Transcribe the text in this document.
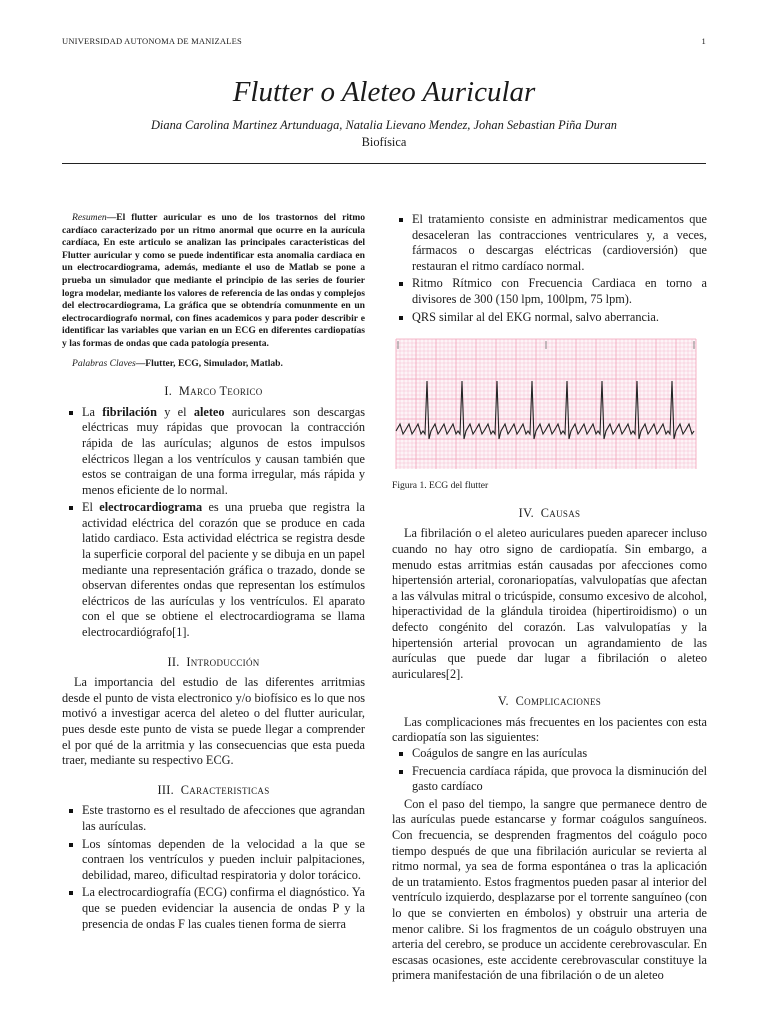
UNIVERSIDAD AUTONOMA DE MANIZALES	1
Flutter o Aleteo Auricular
Diana Carolina Martinez Artunduaga, Natalia Lievano Mendez, Johan Sebastian Piña Duran
Biofísica
Resumen—El flutter auricular es uno de los trastornos del ritmo cardíaco caracterizado por un ritmo anormal que ocurre en la aurícula cardíaca, En este articulo se analizan las principales caracteristicas del Flutter auricular y como se puede indentificar esta anomalia cardiaca en un electrocardiograma, además, mediante el uso de Matlab se pone a prueba un simulador que mediante el principio de las series de fourier logra modelar, mediante los valores de referencia de las ondas y complejos del electrocardiograma, La gráfica que se obtendría comunmente en un electrocardiografo normal, con fines academicos y para poder describir e identificar las variables que varian en un ECG en diferentes cardiopatías y las formas de ondas que cada patología presenta.
Palabras Claves—Flutter, ECG, Simulador, Matlab.
I. Marco Teorico
La fibrilación y el aleteo auriculares son descargas eléctricas muy rápidas que provocan la contracción rápida de las aurículas; algunos de estos impulsos eléctricos llegan a los ventrículos y causan también que estos se contraigan de una forma irregular, más rápida y menos eficiente de lo normal.
El electrocardiograma es una prueba que registra la actividad eléctrica del corazón que se produce en cada latido cardiaco. Esta actividad eléctrica se registra desde la superficie corporal del paciente y se dibuja en un papel mediante una representación gráfica o trazado, donde se observan diferentes ondas que representan los estímulos eléctricos de las aurículas y los ventrículos. El aparato con el que se obtiene el electrocardiograma se llama electrocardiógrafo[1].
II. Introducción

La importancia del estudio de las diferentes arritmias desde el punto de vista electronico y/o biofísico es lo que nos motivó a investigar acerca del aleteo o del flutter auricular, pues desde este punto de vista se puede llegar a comprender el por qué de la arritmia y las consecuencias que esta pueda traer, mediante su respectivo ECG.

III. Caracteristicas
Este trastorno es el resultado de afecciones que agrandan las aurículas.
Los síntomas dependen de la velocidad a la que se contraen los ventrículos y pueden incluir palpitaciones, debilidad, mareo, dificultad respiratoria y dolor torácico.
La electrocardiografía (ECG) confirma el diagnóstico. Ya que se pueden evidenciar la ausencia de ondas P y la presencia de ondas F las cuales tienen forma de sierra
El tratamiento consiste en administrar medicamentos que desaceleran las contracciones ventriculares y, a veces, fármacos o descargas eléctricas (cardioversión) que restauran el ritmo cardíaco normal.
Ritmo Rítmico con Frecuencia Cardiaca en torno a divisores de 300 (150 lpm, 100lpm, 75 lpm).
QRS similar al del EKG normal, salvo aberrancia.
Figura 1. ECG del flutter
IV. Causas

La fibrilación o el aleteo auriculares pueden aparecer incluso cuando no hay otro signo de cardiopatía. Sin embargo, a menudo estas arritmias están causadas por afecciones como hipertensión arterial, coronariopatías, valvulopatías que afectan a las válvulas mitral o tricúspide, consumo excesivo de alcohol, hiperactividad de la glándula tiroidea (hipertiroidismo) o un defecto congénito del corazón. Las valvulopatías y la hipertensión arterial provocan un agrandamiento de las aurículas que puede dar lugar a fibrilación o aleteo auriculares[2].

V. Complicaciones

Las complicaciones más frecuentes en los pacientes con esta cardiopatía son las siguientes:

Coágulos de sangre en las aurículas
Frecuencia cardíaca rápida, que provoca la disminución del gasto cardíaco

Con el paso del tiempo, la sangre que permanece dentro de las aurículas puede estancarse y formar coágulos sanguíneos. Con frecuencia, se desprenden fragmentos del coágulo poco tiempo después de que una fibrilación auricular se revierta al ritmo normal, ya sea de forma espontánea o tras la aplicación de un tratamiento. Estos fragmentos pueden pasar al interior del ventrículo izquierdo, desplazarse por el torrente sanguíneo (con lo que se convierten en émbolos) y obstruir una arteria de menor calibre. Si los fragmentos de un coágulo obstruyen una arteria del cerebro, se produce un accidente cerebrovascular. En escasas ocasiones, este accidente cerebrovascular constituye la primera manifestación de una fibrilación o de un aleteo
